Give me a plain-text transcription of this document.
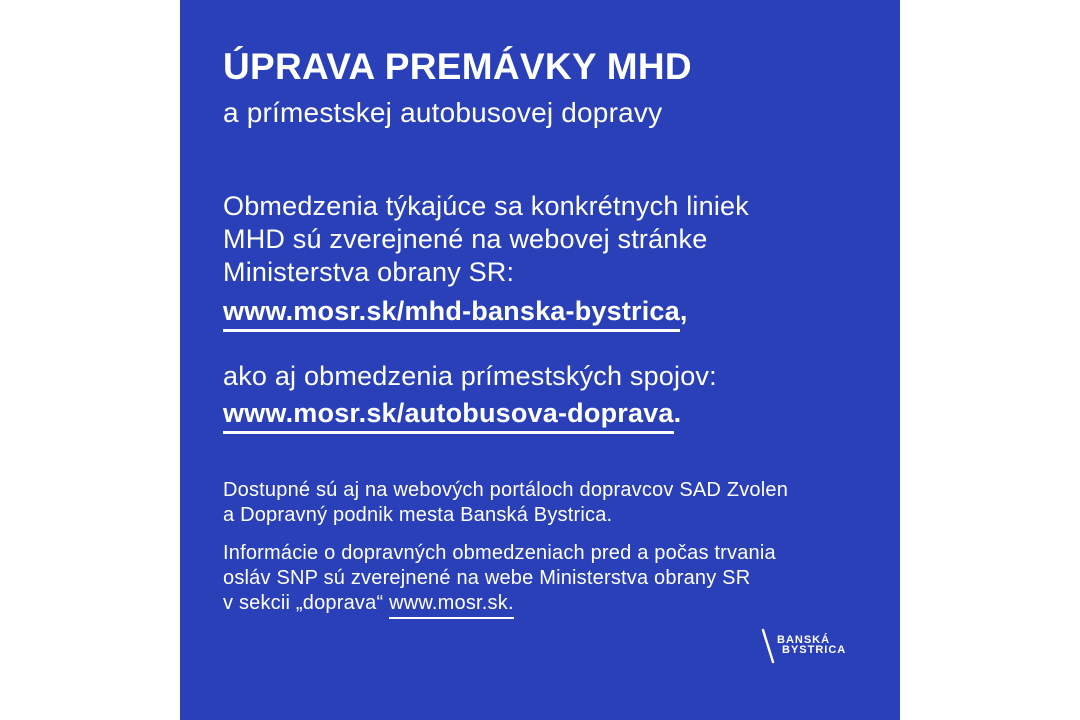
ÚPRAVA PREMÁVKY MHD
a prímestskej autobusovej dopravy
Obmedzenia týkajúce sa konkrétnych liniek
MHD sú zverejnené na webovej stránke
Ministerstva obrany SR:
www.mosr.sk/mhd-banska-bystrica,
ako aj obmedzenia prímestských spojov:
www.mosr.sk/autobusova-doprava.
Dostupné sú aj na webových portáloch dopravcov SAD Zvolen
a Dopravný podnik mesta Banská Bystrica.
Informácie o dopravných obmedzeniach pred a počas trvania
osláv SNP sú zverejnené na webe Ministerstva obrany SR
v sekcii „doprava“ www.mosr.sk.
BANSKÁ
BYSTRICA
